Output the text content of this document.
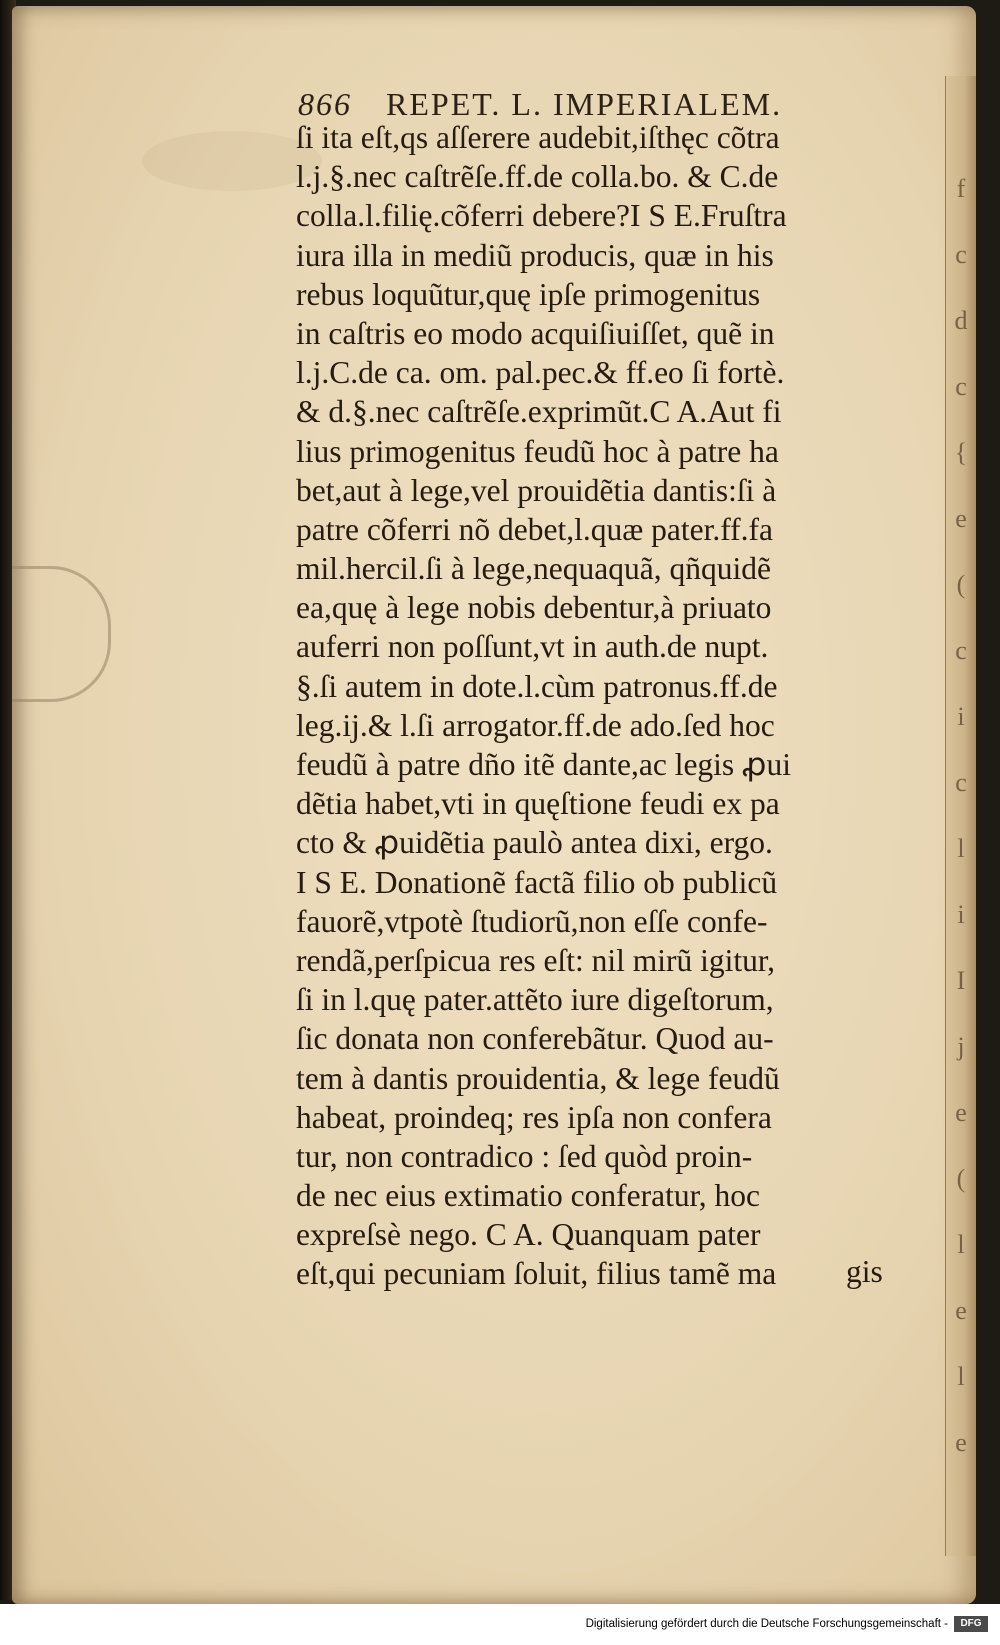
f
c
d
c
{
e
(
c
i
c
l
i
I
j
e
(
l
e
l
e
866 REPET. L. IMPERIALEM.
ſi ita eſt,qs aſſerere audebit,iſthęc cõtra
l.j.§.nec caſtrẽſe.ff.de colla.bo. & C.de
colla.l.filię.cõferri debere?I S E.Fruſtra
iura illa in mediũ producis, quæ in his
rebus loquũtur,quę ipſe primogenitus
in caſtris eo modo acquiſiuiſſet, quẽ in
l.j.C.de ca. om. pal.pec.& ff.eo ſi fortè.
& d.§.nec caſtrẽſe.exprimũt.C A.Aut fi
lius primogenitus feudũ hoc à patre ha
bet,aut à lege,vel prouidẽtia dantis:ſi à
patre cõferri nõ debet,l.quæ pater.ff.fa
mil.hercil.ſi à lege,nequaquã, qñquidẽ
ea,quę à lege nobis debentur,à priuato
auferri non poſſunt,vt in auth.de nupt.
§.ſi autem in dote.l.cùm patronus.ff.de
leg.ij.& l.ſi arrogator.ff.de ado.ſed hoc
feudũ à patre dño itẽ dante,ac legis ꝓui
dẽtia habet,vti in quęſtione feudi ex pa
cto & ꝓuidẽtia paulò antea dixi, ergo.
I S E. Donationẽ factã filio ob publicũ
fauorẽ,vtpotè ſtudiorũ,non eſſe confe-
rendã,perſpicua res eſt: nil mirũ igitur,
ſi in l.quę pater.attẽto iure digeſtorum,
ſic donata non conferebãtur. Quod au-
tem à dantis prouidentia, & lege feudũ
habeat, proindeq; res ipſa non confera
tur, non contradico : ſed quòd proin-
de nec eius extimatio conferatur, hoc
expreſsè nego. C A. Quanquam pater
eſt,qui pecuniam ſoluit, filius tamẽ ma	gis
Digitalisierung gefördert durch die Deutsche Forschungsgemeinschaft -	DFG
